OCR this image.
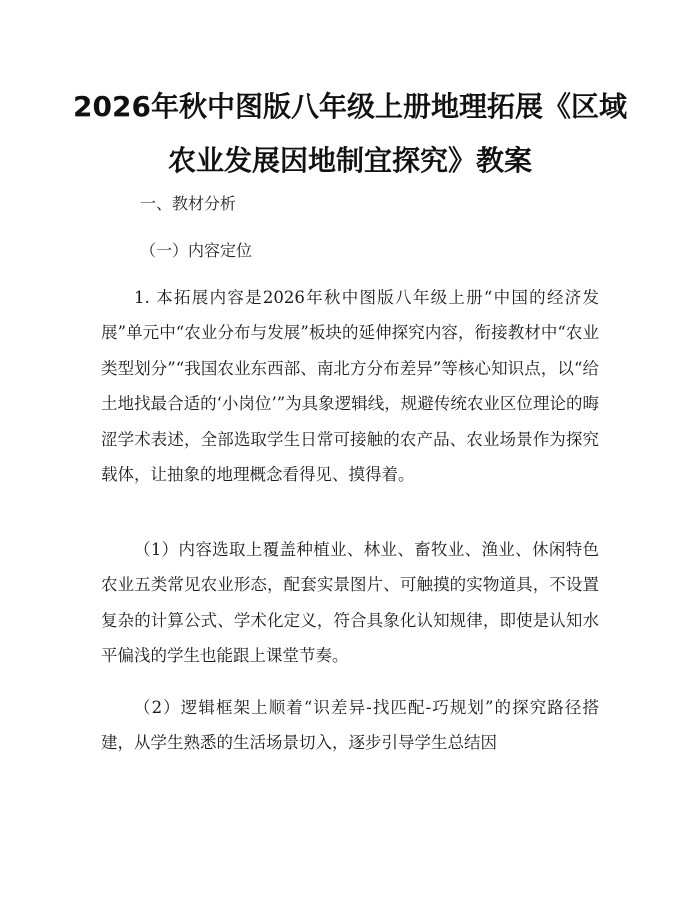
2026年秋中图版八年级上册地理拓展《区域农业发展因地制宜探究》教案

一、教材分析

（一）内容定位

1. 本拓展内容是2026年秋中图版八年级上册“中国的经济发展”单元中“农业分布与发展”板块的延伸探究内容，衔接教材中“农业类型划分”“我国农业东西部、南北方分布差异”等核心知识点，以“给土地找最合适的‘小岗位’”为具象逻辑线，规避传统农业区位理论的晦涩学术表述，全部选取学生日常可接触的农产品、农业场景作为探究载体，让抽象的地理概念看得见、摸得着。

（1）内容选取上覆盖种植业、林业、畜牧业、渔业、休闲特色农业五类常见农业形态，配套实景图片、可触摸的实物道具，不设置复杂的计算公式、学术化定义，符合具象化认知规律，即使是认知水平偏浅的学生也能跟上课堂节奏。

（2）逻辑框架上顺着“识差异-找匹配-巧规划”的探究路径搭建，从学生熟悉的生活场景切入，逐步引导学生总结因
